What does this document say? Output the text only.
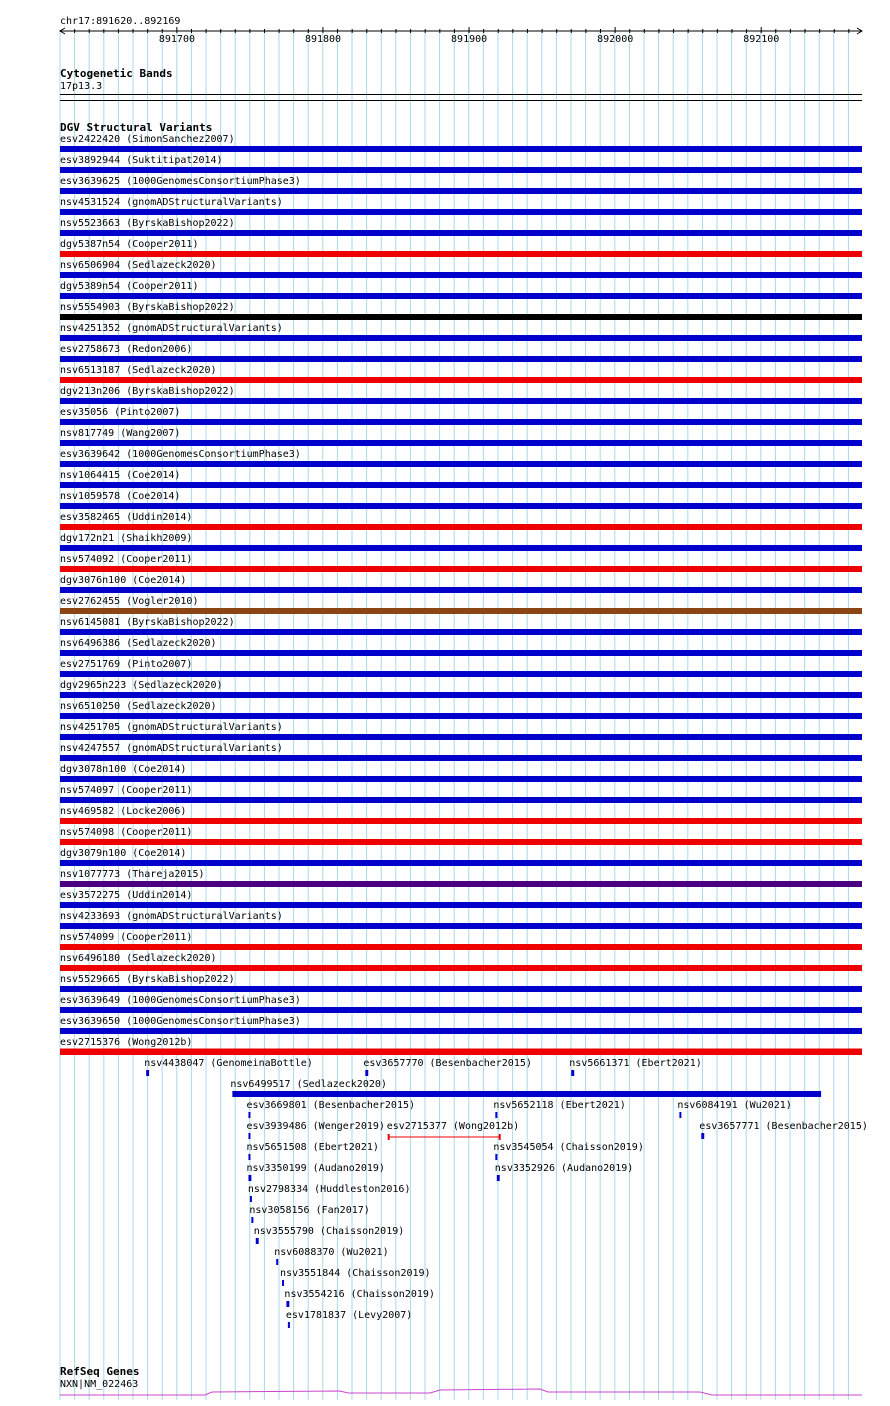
chr17:891620..892169
891700	891800	891900	892000	892100
Cytogenetic Bands
17p13.3
DGV Structural Variants
esv2422420 (SimonSanchez2007)
esv3892944 (Suktitipat2014)
esv3639625 (1000GenomesConsortiumPhase3)
nsv4531524 (gnomADStructuralVariants)
nsv5523663 (ByrskaBishop2022)
dgv5387n54 (Cooper2011)
nsv6506904 (Sedlazeck2020)
dgv5389n54 (Cooper2011)
nsv5554903 (ByrskaBishop2022)
nsv4251352 (gnomADStructuralVariants)
esv2758673 (Redon2006)
nsv6513187 (Sedlazeck2020)
dgv213n206 (ByrskaBishop2022)
esv35056 (Pinto2007)
nsv817749 (Wang2007)
esv3639642 (1000GenomesConsortiumPhase3)
nsv1064415 (Coe2014)
nsv1059578 (Coe2014)
esv3582465 (Uddin2014)
dgv172n21 (Shaikh2009)
nsv574092 (Cooper2011)
dgv3076n100 (Coe2014)
esv2762455 (Vogler2010)
nsv6145081 (ByrskaBishop2022)
nsv6496386 (Sedlazeck2020)
esv2751769 (Pinto2007)
dgv2965n223 (Sedlazeck2020)
nsv6510250 (Sedlazeck2020)
nsv4251705 (gnomADStructuralVariants)
nsv4247557 (gnomADStructuralVariants)
dgv3078n100 (Coe2014)
nsv574097 (Cooper2011)
nsv469582 (Locke2006)
nsv574098 (Cooper2011)
dgv3079n100 (Coe2014)
nsv1077773 (Thareja2015)
esv3572275 (Uddin2014)
nsv4233693 (gnomADStructuralVariants)
nsv574099 (Cooper2011)
nsv6496180 (Sedlazeck2020)
nsv5529665 (ByrskaBishop2022)
esv3639649 (1000GenomesConsortiumPhase3)
esv3639650 (1000GenomesConsortiumPhase3)
esv2715376 (Wong2012b)
nsv4438047 (GenomeinaBottle)	esv3657770 (Besenbacher2015)	nsv5661371 (Ebert2021)
nsv6499517 (Sedlazeck2020)
esv3669801 (Besenbacher2015)	nsv5652118 (Ebert2021)	nsv6084191 (Wu2021)
esv3939486 (Wenger2019) esv2715377 (Wong2012b)	esv3657771 (Besenbacher2015)
nsv5651508 (Ebert2021)	nsv3545054 (Chaisson2019)
nsv3350199 (Audano2019)	nsv3352926 (Audano2019)
nsv2798334 (Huddleston2016)
nsv3058156 (Fan2017)
nsv3555790 (Chaisson2019)
nsv6088370 (Wu2021)
nsv3551844 (Chaisson2019)
nsv3554216 (Chaisson2019)
esv1781837 (Levy2007)
RefSeq Genes
NXN|NM_022463
